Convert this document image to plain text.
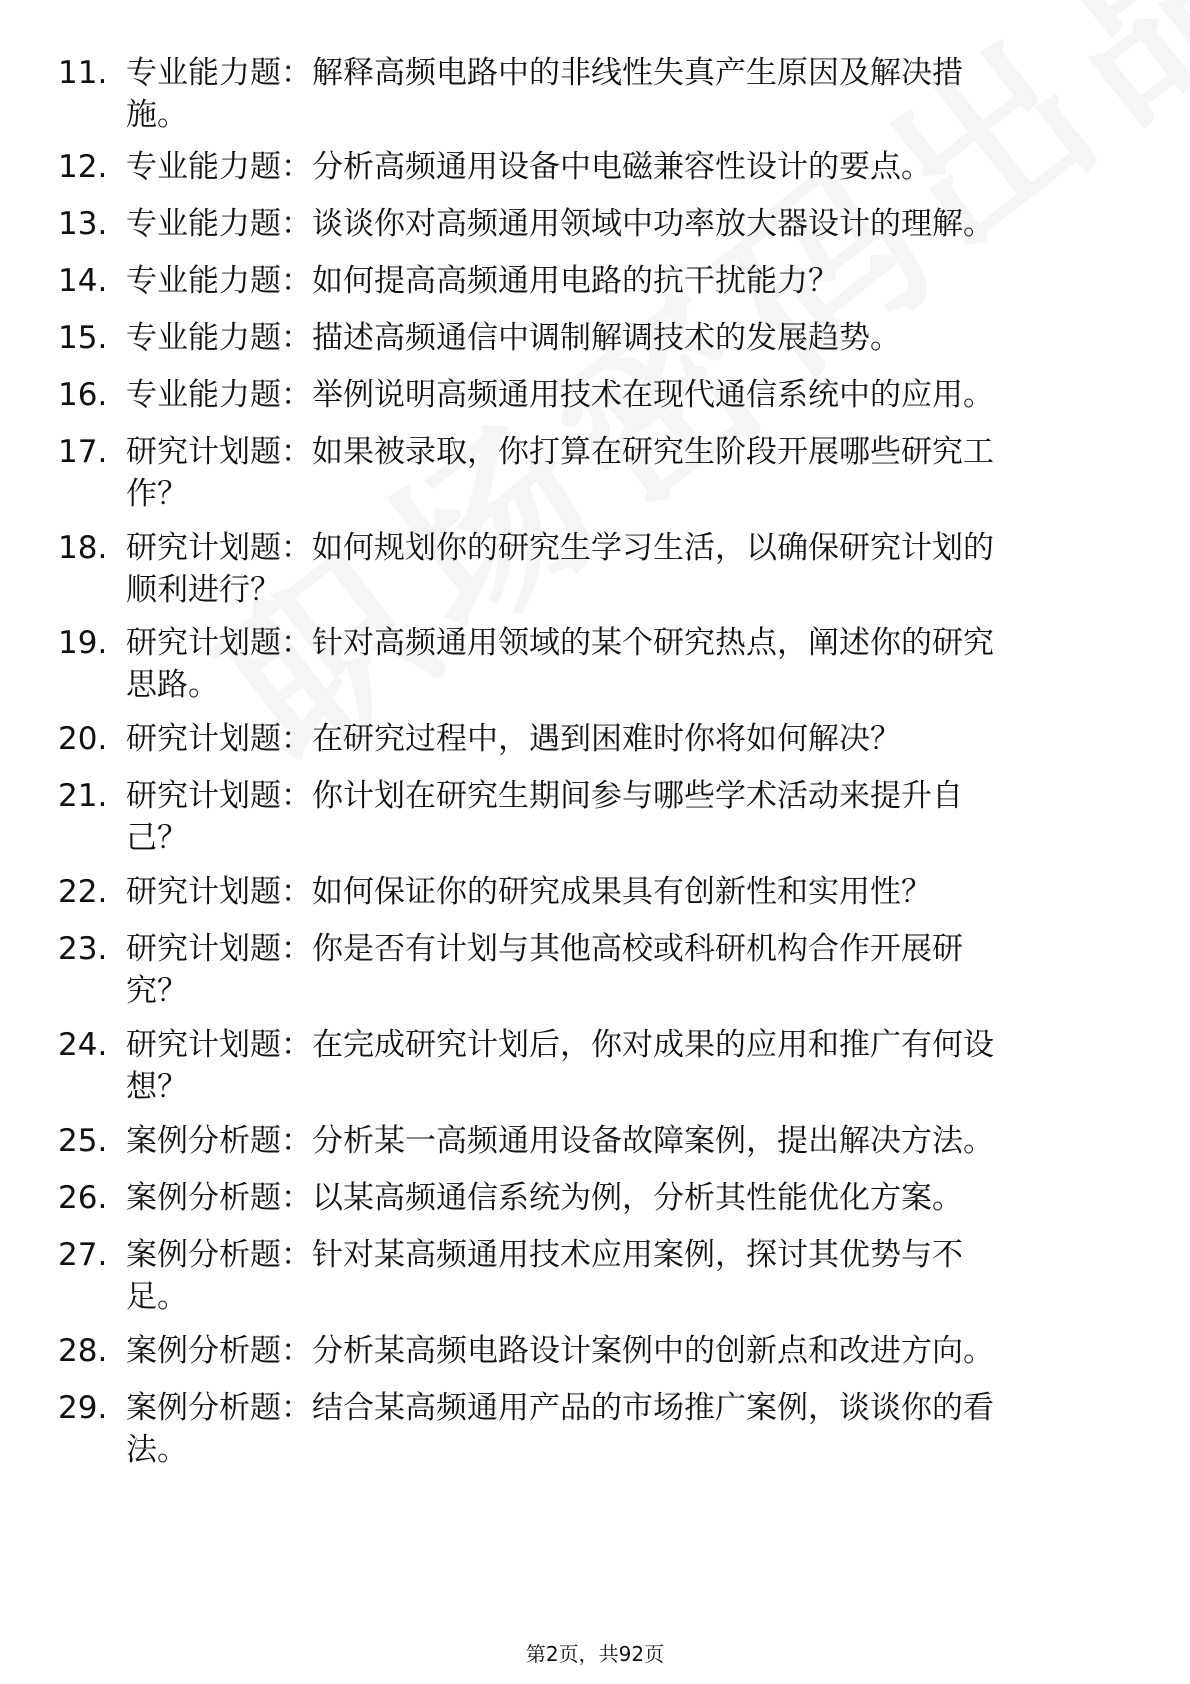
11. 专业能力题：解释高频电路中的非线性失真产生原因及解决措
施。
12. 专业能力题：分析高频通用设备中电磁兼容性设计的要点。
13. 专业能力题：谈谈你对高频通用领域中功率放大器设计的理解。
14. 专业能力题：如何提高高频通用电路的抗干扰能力？
15. 专业能力题：描述高频通信中调制解调技术的发展趋势。
16. 专业能力题：举例说明高频通用技术在现代通信系统中的应用。
17. 研究计划题：如果被录取，你打算在研究生阶段开展哪些研究工
作？
18. 研究计划题：如何规划你的研究生学习生活，以确保研究计划的
顺利进行？
19. 研究计划题：针对高频通用领域的某个研究热点，阐述你的研究
思路。
20. 研究计划题：在研究过程中，遇到困难时你将如何解决？
21. 研究计划题：你计划在研究生期间参与哪些学术活动来提升自
己？
22. 研究计划题：如何保证你的研究成果具有创新性和实用性？
23. 研究计划题：你是否有计划与其他高校或科研机构合作开展研
究？
24. 研究计划题：在完成研究计划后，你对成果的应用和推广有何设
想？
25. 案例分析题：分析某一高频通用设备故障案例，提出解决方法。
26. 案例分析题：以某高频通信系统为例，分析其性能优化方案。
27. 案例分析题：针对某高频通用技术应用案例，探讨其优势与不
足。
28. 案例分析题：分析某高频电路设计案例中的创新点和改进方向。
29. 案例分析题：结合某高频通用产品的市场推广案例，谈谈你的看
法。
第2页，共92页
